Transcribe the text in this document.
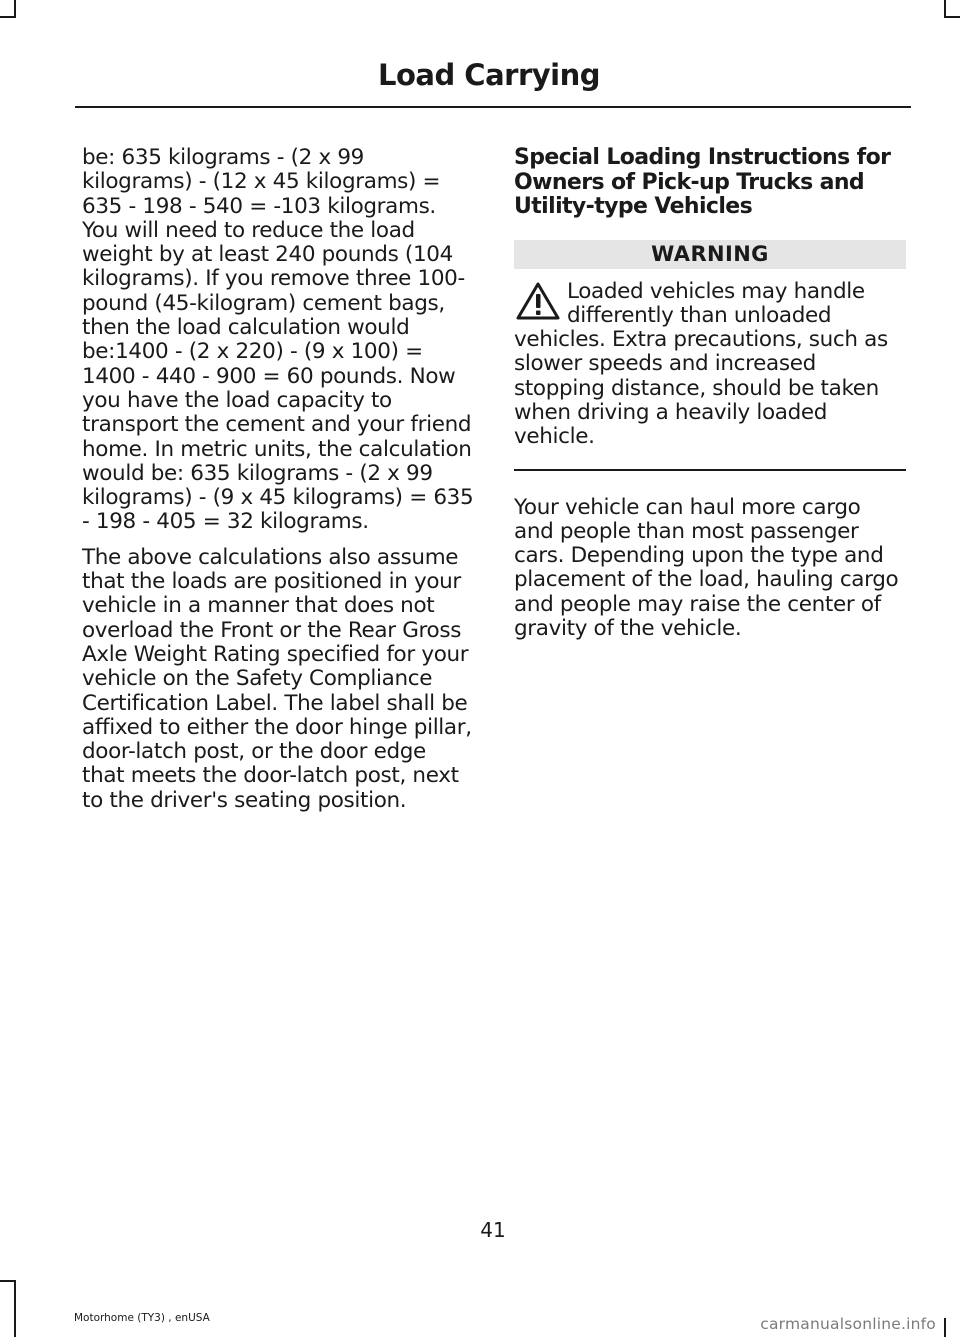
Load Carrying

be: 635 kilograms - (2 x 99 kilograms) - (12 x 45 kilograms) = 635 - 198 - 540 = -103 kilograms. You will need to reduce the load weight by at least 240 pounds (104 kilograms). If you remove three 100-pound (45-kilogram) cement bags, then the load calculation would be:1400 - (2 x 220) - (9 x 100) = 1400 - 440 - 900 = 60 pounds. Now you have the load capacity to transport the cement and your friend home. In metric units, the calculation would be: 635 kilograms - (2 x 99 kilograms) - (9 x 45 kilograms) = 635 - 198 - 405 = 32 kilograms.

The above calculations also assume that the loads are positioned in your vehicle in a manner that does not overload the Front or the Rear Gross Axle Weight Rating specified for your vehicle on the Safety Compliance Certification Label. The label shall be affixed to either the door hinge pillar, door-latch post, or the door edge that meets the door-latch post, next to the driver's seating position.

Special Loading Instructions for Owners of Pick-up Trucks and Utility-type Vehicles
WARNING
Loaded vehicles may handle differently than unloaded vehicles. Extra precautions, such as slower speeds and increased stopping distance, should be taken when driving a heavily loaded vehicle.

Your vehicle can haul more cargo and people than most passenger cars. Depending upon the type and placement of the load, hauling cargo and people may raise the center of gravity of the vehicle.

41

Motorhome (TY3) , enUSA	carmanualsonline.info
